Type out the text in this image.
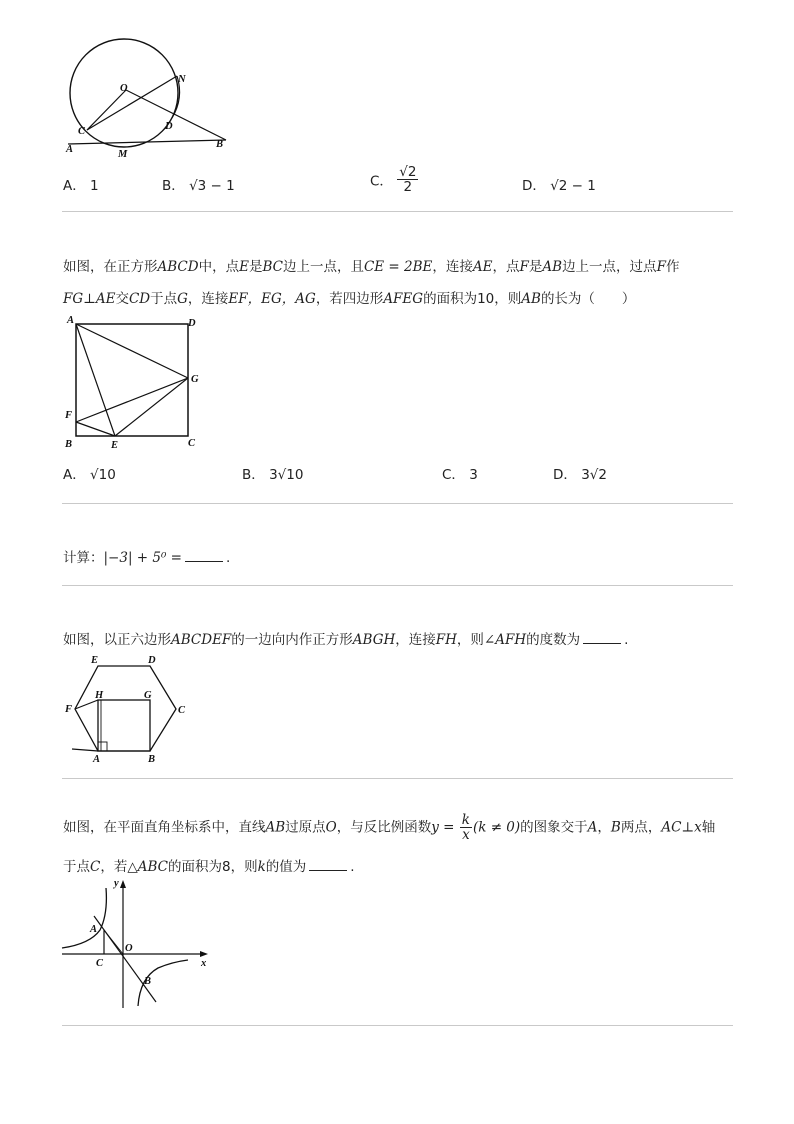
O
N
C	D
A	M
B
A． 1	B． √3 − 1	C． $\frac{√2}{2}$	D． √2 − 1
如图，在正方形ABCD中，点E是BC边上一点，且CE = 2BE，连接AE，点F是AB边上一点，过点F作
FG⊥AE交CD于点G，连接EF，EG，AG，若四边形AFEG的面积为10，则AB的长为（　　）
A	D
G
F
B	E	C
A． √10	B． 3√10	C． 3	D． 3√2
计算：|−3| + 5⁰ =	.
如图，以正六边形ABCDEF的一边向内作正方形ABGH，连接FH，则∠AFH的度数为	.
E	D
H	G
F	C
A	B
如图，在平面直角坐标系中，直线AB过原点O，与反比例函数$y = \frac{k}{x} (k \ne 0)$的图象交于A，B两点，AC⊥x轴
于点C，若△ABC的面积为8，则k的值为	.
y
A
O
C
B
x
